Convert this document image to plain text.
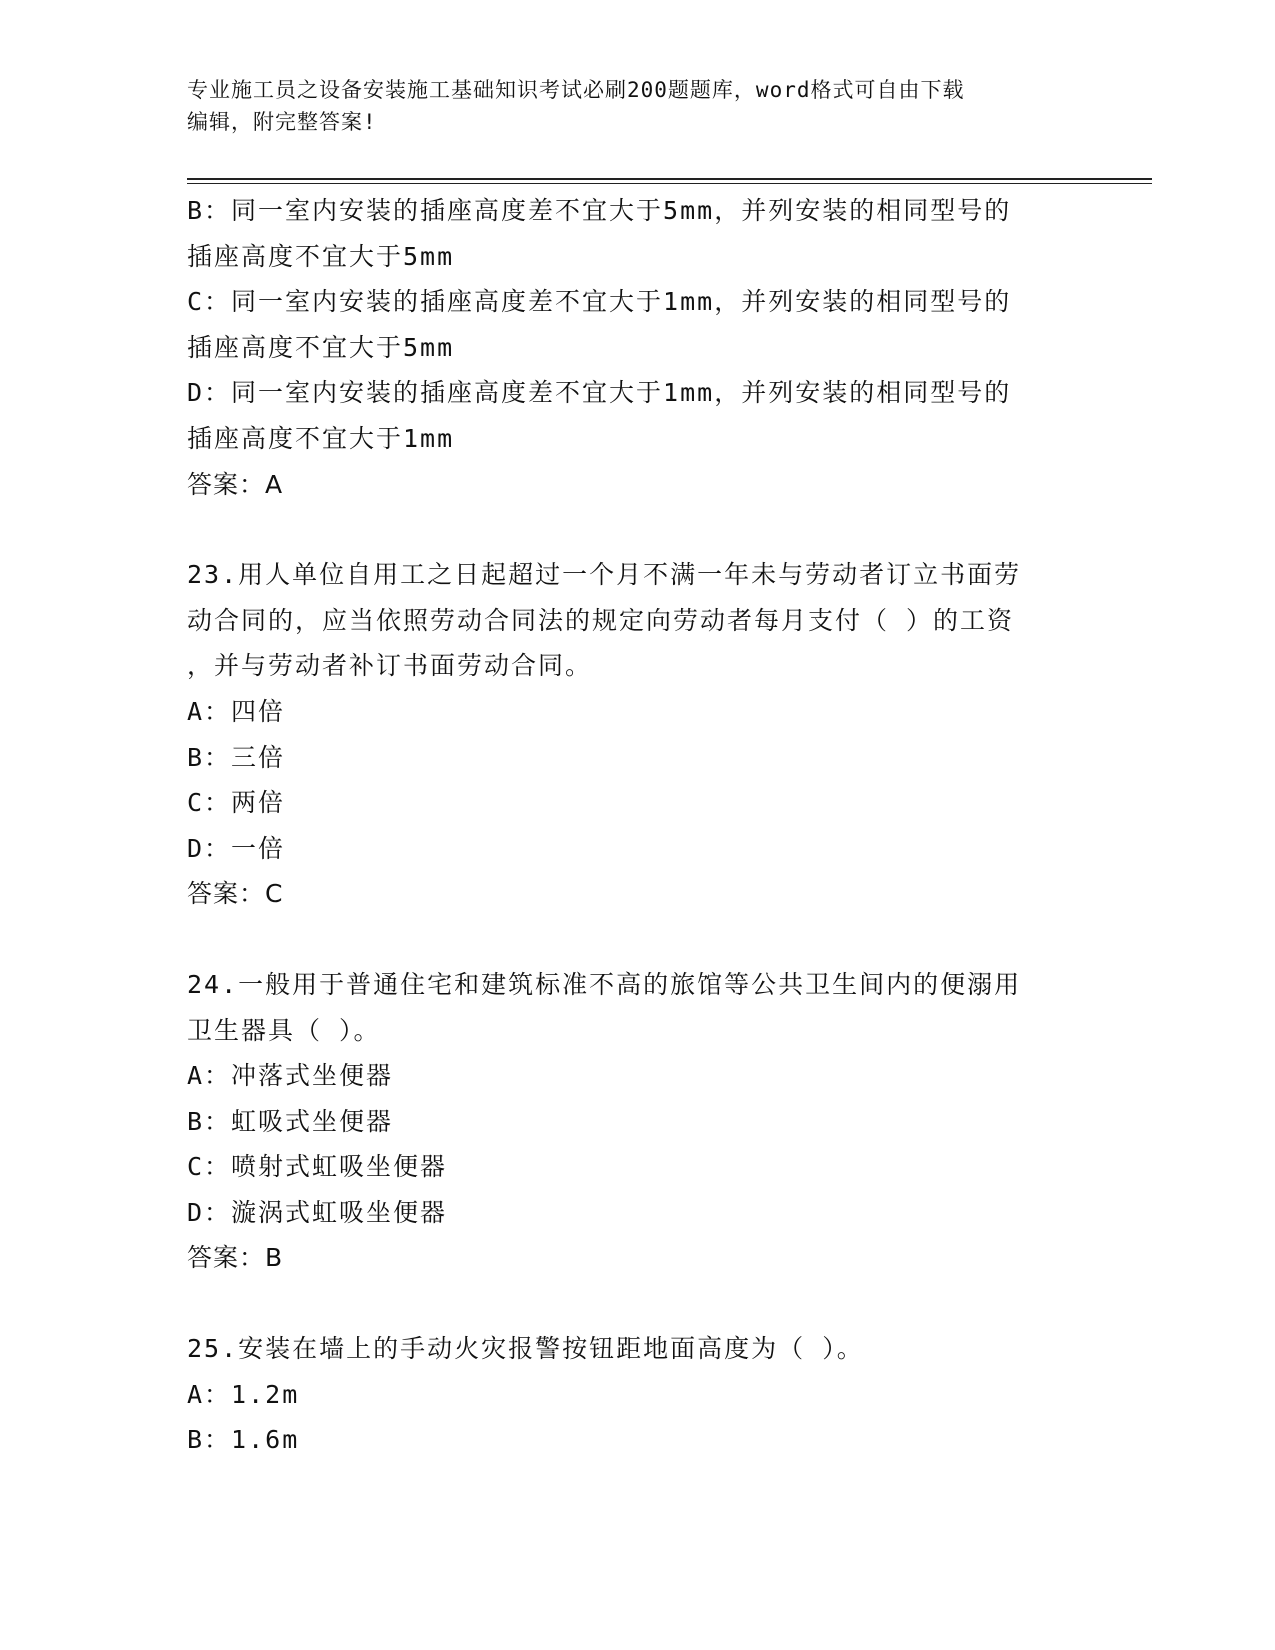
专业施工员之设备安装施工基础知识考试必刷200题题库，word格式可自由下载
编辑，附完整答案!
B：同一室内安装的插座高度差不宜大于5mm，并列安装的相同型号的
插座高度不宜大于5mm
C：同一室内安装的插座高度差不宜大于1mm，并列安装的相同型号的
插座高度不宜大于5mm
D：同一室内安装的插座高度差不宜大于1mm，并列安装的相同型号的
插座高度不宜大于1mm
答案：A
23.用人单位自用工之日起超过一个月不满一年未与劳动者订立书面劳
动合同的，应当依照劳动合同法的规定向劳动者每月支付（ ）的工资
，并与劳动者补订书面劳动合同。
A：四倍
B：三倍
C：两倍
D：一倍
答案：C
24.一般用于普通住宅和建筑标准不高的旅馆等公共卫生间内的便溺用
卫生器具（ ）。
A：冲落式坐便器
B：虹吸式坐便器
C：喷射式虹吸坐便器
D：漩涡式虹吸坐便器
答案：B
25.安装在墙上的手动火灾报警按钮距地面高度为（ ）。
A：1.2m
B：1.6m
